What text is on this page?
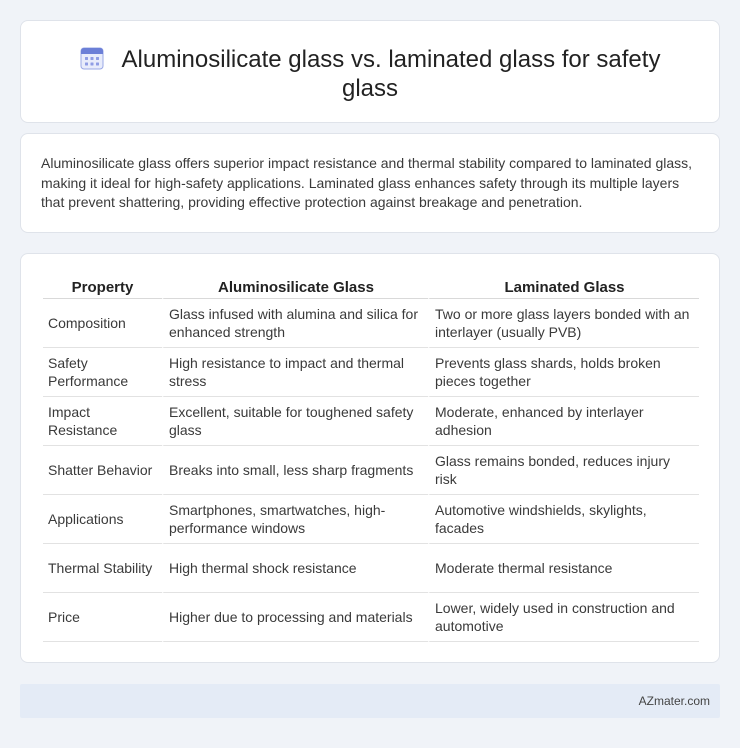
Aluminosilicate glass vs. laminated glass for safety glass

Aluminosilicate glass offers superior impact resistance and thermal stability compared to laminated glass, making it ideal for high-safety applications. Laminated glass enhances safety through its multiple layers that prevent shattering, providing effective protection against breakage and penetration.

Property	Aluminosilicate Glass	Laminated Glass
Composition	Glass infused with alumina and silica for enhanced strength	Two or more glass layers bonded with an interlayer (usually PVB)
Safety Performance	High resistance to impact and thermal stress	Prevents glass shards, holds broken pieces together
Impact Resistance	Excellent, suitable for toughened safety glass	Moderate, enhanced by interlayer adhesion
Shatter Behavior	Breaks into small, less sharp fragments	Glass remains bonded, reduces injury risk
Applications	Smartphones, smartwatches, high-performance windows	Automotive windshields, skylights, facades
Thermal Stability	High thermal shock resistance	Moderate thermal resistance
Price	Higher due to processing and materials	Lower, widely used in construction and automotive
AZmater.com
